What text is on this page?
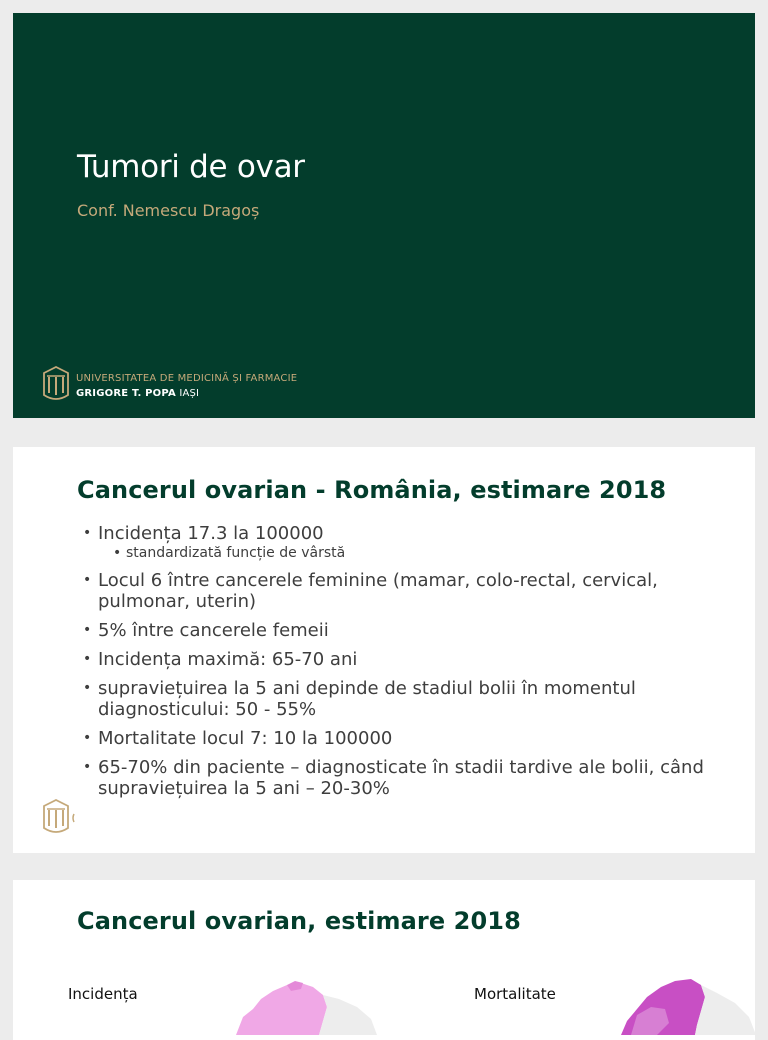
Tumori de ovar
Conf. Nemescu Dragoș
UNIVERSITATEA DE MEDICINĂ ȘI FARMACIE
GRIGORE T. POPA IAȘI
Cancerul ovarian - România, estimare 2018
• Incidența 17.3 la 100000
• standardizată funcție de vârstă
• Locul 6 între cancerele feminine (mamar, colo-rectal, cervical, pulmonar, uterin)
• 5% între cancerele femeii
• Incidența maximă: 65-70 ani
• supraviețuirea la 5 ani depinde de stadiul bolii în momentul diagnosticului: 50 - 55%
• Mortalitate locul 7: 10 la 100000
• 65-70% din paciente – diagnosticate în stadii tardive ale bolii, când supraviețuirea la 5 ani – 20-30%
Cancerul ovarian, estimare 2018
Incidența	Mortalitate
